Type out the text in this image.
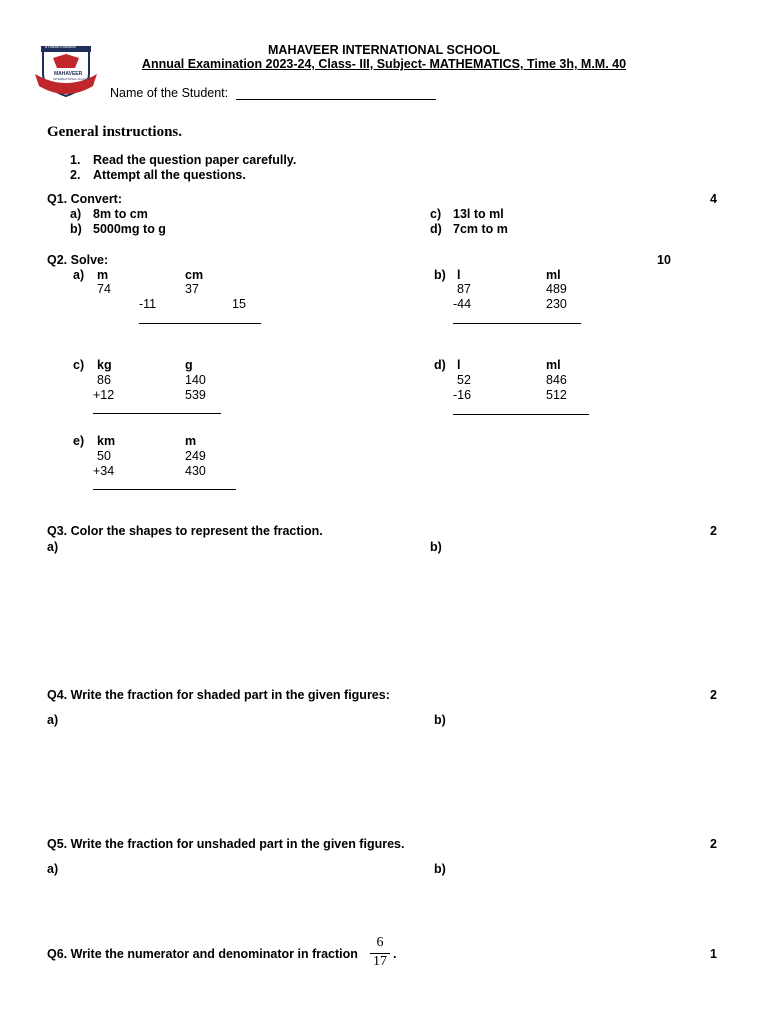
A Holistic Education
MAHAVEER
INTERNATIONAL SCHOOL
MAHAVEER INTERNATIONAL SCHOOL
Annual Examination 2023-24, Class- III, Subject- MATHEMATICS, Time 3h, M.M. 40
Name of the Student:
General instructions.
1. Read the question paper carefully.
2. Attempt all the questions.
Q1. Convert:	4
a) 8m to cm
b) 5000mg to g
c) 13l to ml
d) 7cm to m
Q2. Solve:	10
a) m	cm
74	37
-11	15
b) l	ml
87	489
-44	230
c) kg	g
86	140
+12	539
d) l	ml
52	846
-16	512
e) km	m
50	249
+34	430
Q3. Color the shapes to represent the fraction.	2
a)	b)
Q4. Write the fraction for shaded part in the given figures:	2
a)	b)
Q5. Write the fraction for unshaded part in the given figures.	2
a)	b)
Q6. Write the numerator and denominator in fraction
6
17 .	1
